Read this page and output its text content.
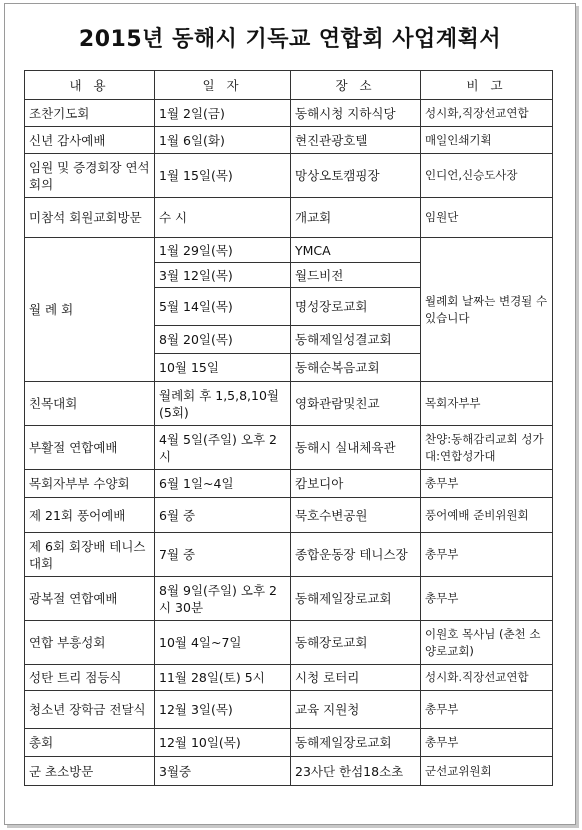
2015년 동해시 기독교 연합회 사업계획서
내 용	일 자	장 소	비 고
조찬기도회	1월 2일(금)	동해시청 지하식당	성시화,직장선교연합
신년 감사예배	1월 6일(화)	현진관광호텔	매일인쇄기획
임원 및 증경회장 연석회의	1월 15일(목)	망상오토캠핑장	인디언,신승도사장
미참석 회원교회방문	수 시	개교회	임원단
월 례 회	1월 29일(목)	YMCA	월례회 날짜는 변경될 수 있습니다
	3월 12일(목)	월드비전	
	5월 14일(목)	명성장로교회	
	8월 20일(목)	동해제일성결교회	
	10월 15일	동해순복음교회	
친목대회	월례회 후 1,5,8,10월(5회)	영화관람및친교	목회자부부
부활절 연합예배	4월 5일(주일) 오후 2시	동해시 실내체육관	찬양:동해감리교회 성가대:연합성가대
목회자부부 수양회	6월 1일~4일	캄보디아	총무부
제 21회 풍어예배	6월 중	묵호수변공원	풍어예배 준비위원회
제 6회 회장배 테니스 대회	7월 중	종합운동장 테니스장	총무부
광복절 연합예배	8월 9일(주일) 오후 2시 30분	동해제일장로교회	총무부
연합 부흥성회	10월 4일~7일	동해장로교회	이원호 목사님 (춘천 소양로교회)
성탄 트리 점등식	11월 28일(토) 5시	시청 로터리	성시화.직장선교연합
청소년 장학금 전달식	12월 3일(목)	교육 지원청	총무부
총회	12월 10일(목)	동해제일장로교회	총무부
군 초소방문	3월중	23사단 한섬18소초	군선교위원회
